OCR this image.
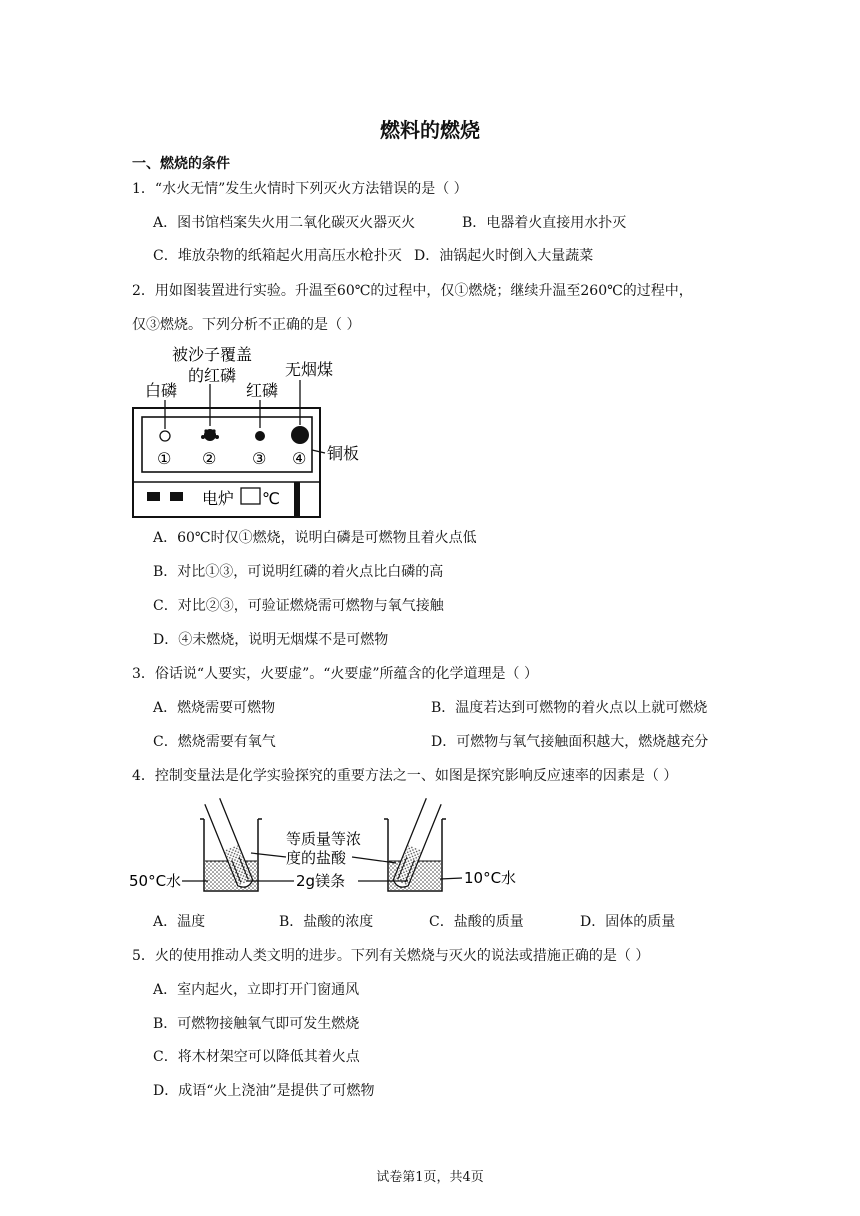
燃料的燃烧
一、燃烧的条件
1．“水火无情”发生火情时下列灭火方法错误的是（ ）
A．图书馆档案失火用二氧化碳灭火器灭火	B．电器着火直接用水扑灭
C．堆放杂物的纸箱起火用高压水枪扑灭 D．油锅起火时倒入大量蔬菜
2．用如图装置进行实验。升温至60℃的过程中，仅①燃烧；继续升温至260℃的过程中，
仅③燃烧。下列分析不正确的是（ ）
被沙子覆盖
的红磷	无烟煤
白磷	红磷
① ② ③ ④ 铜板
电炉 ℃
A．60℃时仅①燃烧，说明白磷是可燃物且着火点低
B．对比①③，可说明红磷的着火点比白磷的高
C．对比②③，可验证燃烧需可燃物与氧气接触
D．④未燃烧，说明无烟煤不是可燃物
3．俗话说“人要实，火要虚”。“火要虚”所蕴含的化学道理是（ ）
A．燃烧需要可燃物	B．温度若达到可燃物的着火点以上就可燃烧
C．燃烧需要有氧气	D．可燃物与氧气接触面积越大，燃烧越充分
4．控制变量法是化学实验探究的重要方法之一、如图是探究影响反应速率的因素是（ ）
等质量等浓
度的盐酸
2g镁条
50°C水	10°C水
A．温度	B．盐酸的浓度	C．盐酸的质量	D．固体的质量
5．火的使用推动人类文明的进步。下列有关燃烧与灭火的说法或措施正确的是（ ）
A．室内起火，立即打开门窗通风
B．可燃物接触氧气即可发生燃烧
C．将木材架空可以降低其着火点
D．成语“火上浇油”是提供了可燃物
试卷第1页，共4页
